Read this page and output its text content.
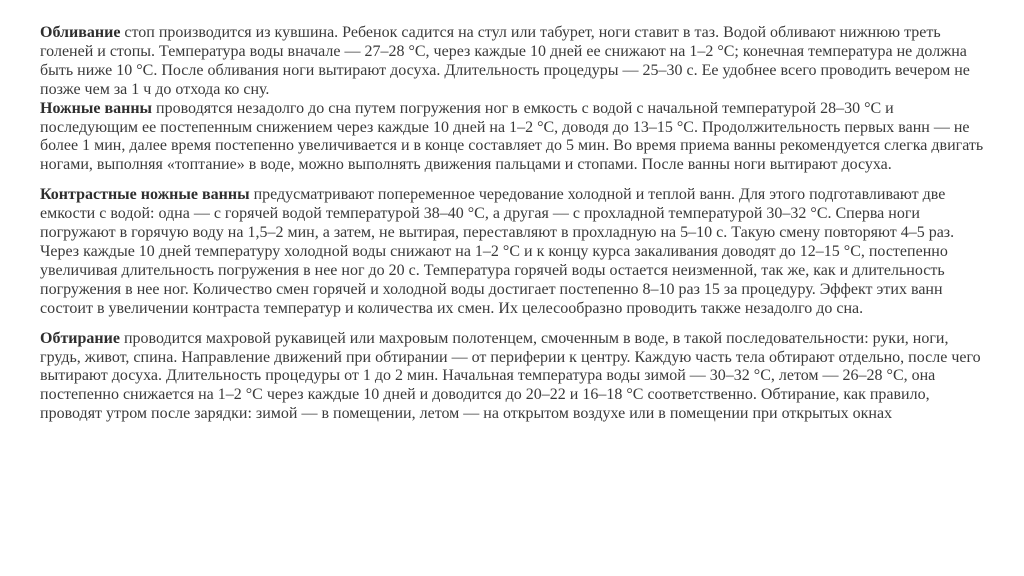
Обливание стоп производится из кувшина. Ребенок садится на стул или табурет, ноги ставит в таз. Водой обливают нижнюю треть голеней и стопы. Температура воды вначале — 27–28 °С, через каждые 10 дней ее снижают на 1–2 °С; конечная температура не должна быть ниже 10 °С. После обливания ноги вытирают досуха. Длительность процедуры — 25–30 с. Ее удобнее всего проводить вечером не позже чем за 1 ч до отхода ко сну.

Ножные ванны проводятся незадолго до сна путем погружения ног в емкость с водой с начальной температурой 28–30 °С и последующим ее постепенным снижением через каждые 10 дней на 1–2 °С, доводя до 13–15 °С. Продолжительность первых ванн — не более 1 мин, далее время постепенно увеличивается и в конце составляет до 5 мин. Во время приема ванны рекомендуется слегка двигать ногами, выполняя «топтание» в воде, можно выполнять движения пальцами и стопами. После ванны ноги вытирают досуха.

Контрастные ножные ванны предусматривают попеременное чередование холодной и теплой ванн. Для этого подготавливают две емкости с водой: одна — с горячей водой температурой 38–40 °С, а другая — с прохладной температурой 30–32 °С. Сперва ноги погружают в горячую воду на 1,5–2 мин, а затем, не вытирая, переставляют в прохладную на 5–10 с. Такую смену повторяют 4–5 раз. Через каждые 10 дней температуру холодной воды снижают на 1–2 °С и к концу курса закаливания доводят до 12–15 °С, постепенно увеличивая длительность погружения в нее ног до 20 с. Температура горячей воды остается неизменной, так же, как и длительность погружения в нее ног. Количество смен горячей и холодной воды достигает постепенно 8–10 раз 15 за процедуру. Эффект этих ванн состоит в увеличении контраста температур и количества их смен. Их целесообразно проводить также незадолго до сна.

Обтирание проводится махровой рукавицей или махровым полотенцем, смоченным в воде, в такой последовательности: руки, ноги, грудь, живот, спина. Направление движений при обтирании — от периферии к центру. Каждую часть тела обтирают отдельно, после чего вытирают досуха. Длительность процедуры от 1 до 2 мин. Начальная температура воды зимой — 30–32 °С, летом — 26–28 °С, она постепенно снижается на 1–2 °С через каждые 10 дней и доводится до 20–22 и 16–18 °С соответственно. Обтирание, как правило, проводят утром после зарядки: зимой — в помещении, летом — на открытом воздухе или в помещении при открытых окнах
